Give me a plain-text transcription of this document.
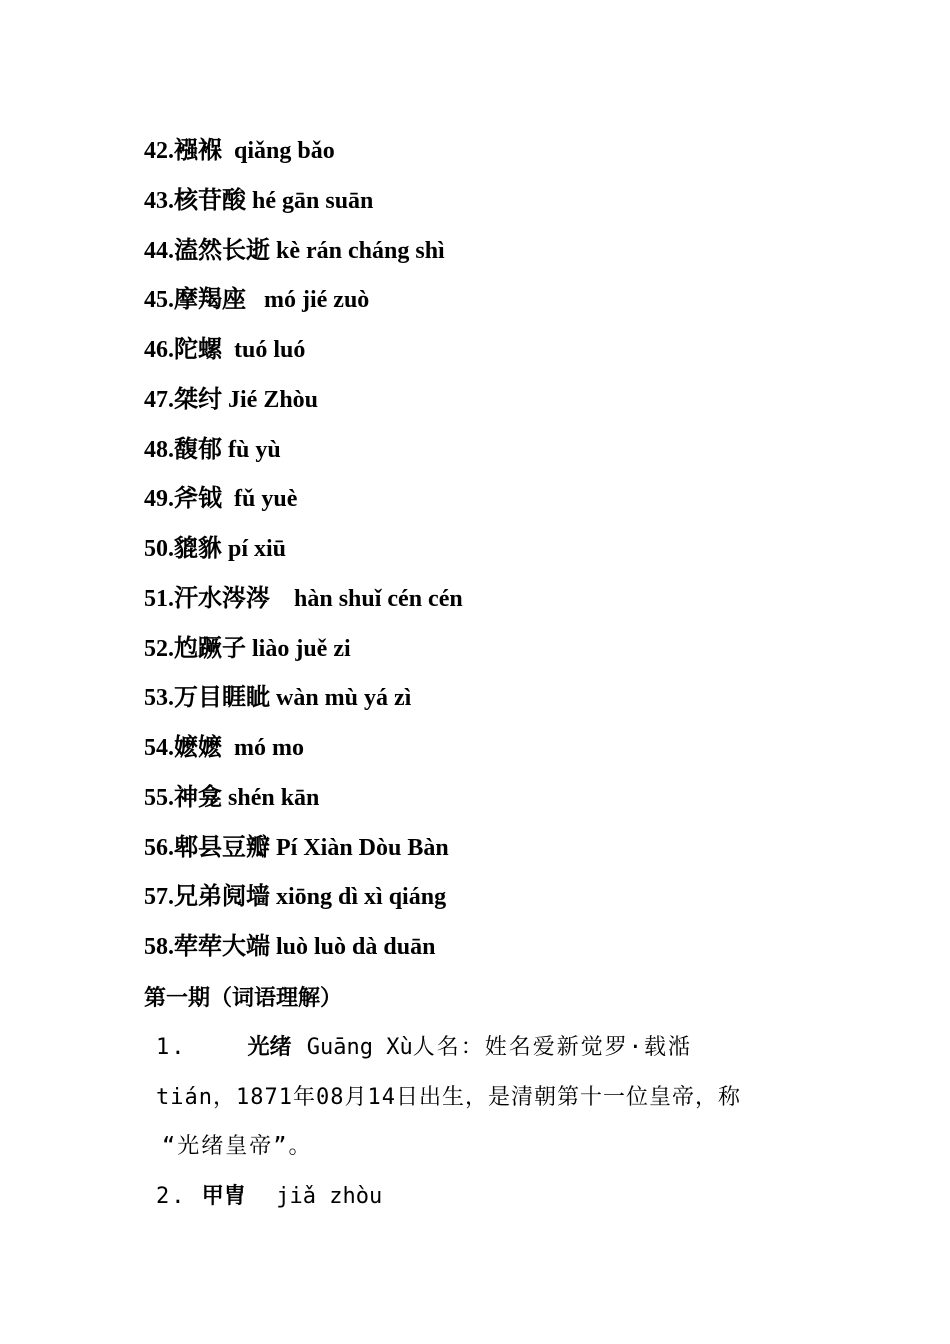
42.襁褓 qiǎng bǎo
43.核苷酸 hé gān suān
44.溘然长逝 kè rán cháng shì
45.摩羯座 mó jié zuò
46.陀螺 tuó luó
47.桀纣 Jié Zhòu
48.馥郁 fù yù
49.斧钺 fǔ yuè
50.貔貅 pí xiū
51.汗水涔涔 hàn shuǐ cén cén
52.尥蹶子 liào juě zi
53.万目睚眦 wàn mù yá zì
54.嬷嬷 mó mo
55.神龛 shén kān
56.郫县豆瓣 Pí Xiàn Dòu Bàn
57.兄弟阋墙 xiōng dì xì qiáng
58.荦荦大端 luò luò dà duān
第一期（词语理解）
1.	光绪 Guāng Xù人名：姓名爱新觉罗·载湉
tián，1871年08月14日出生，是清朝第十一位皇帝，称
“光绪皇帝”。
2. 甲胄 jiǎ zhòu
